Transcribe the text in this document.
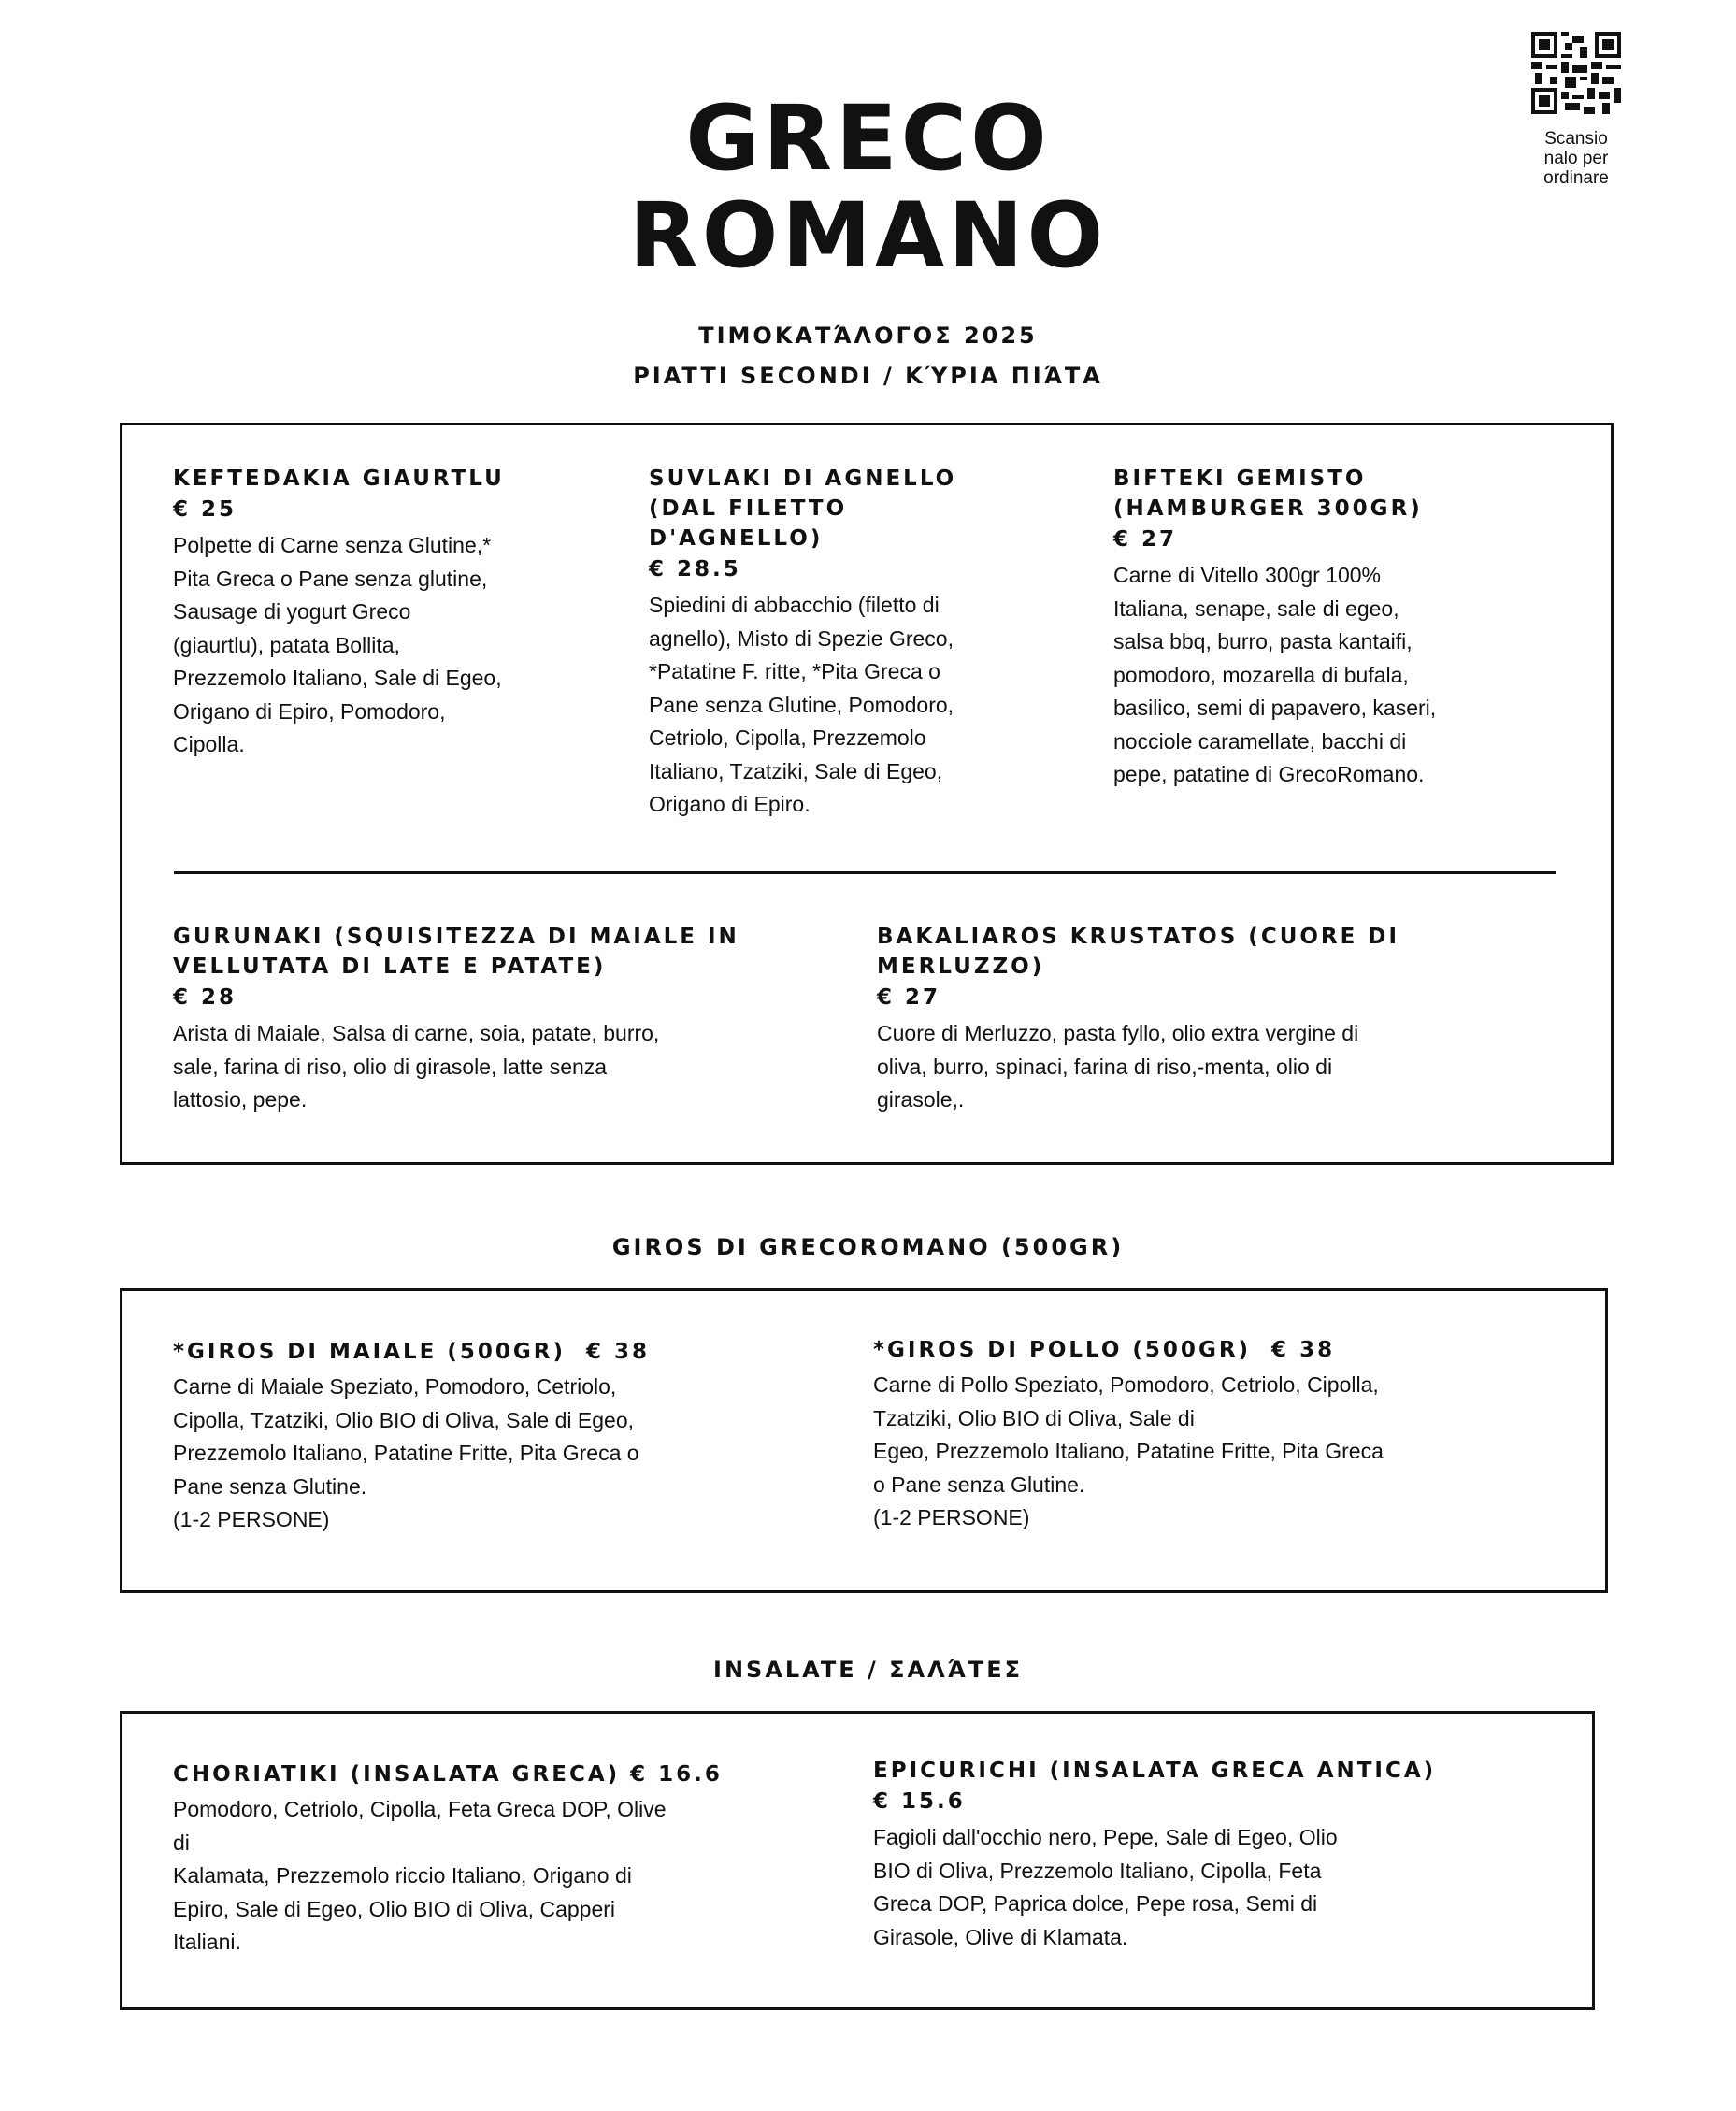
GRECO
ROMANO
Scansio
nalo per
ordinare
ΤΙΜΟΚΑΤΆΛΟΓΟΣ 2025
PIATTI SECONDI / ΚΎΡΙΑ ΠΙΆΤΑ
KEFTEDAKIA GIAURTLU
€ 25
Polpette di Carne senza Glutine,*
Pita Greca o Pane senza glutine,
Sausage di yogurt Greco
(giaurtlu), patata Bollita,
Prezzemolo Italiano, Sale di Egeo,
Origano di Epiro, Pomodoro,
Cipolla.
SUVLAKI DI AGNELLO
(DAL FILETTO
D'AGNELLO)
€ 28.5
Spiedini di abbacchio (filetto di
agnello), Misto di Spezie Greco,
*Patatine F. ritte, *Pita Greca o
Pane senza Glutine, Pomodoro,
Cetriolo, Cipolla, Prezzemolo
Italiano, Tzatziki, Sale di Egeo,
Origano di Epiro.
BIFTEKI GEMISTO
(HAMBURGER 300GR)
€ 27
Carne di Vitello 300gr 100%
Italiana, senape, sale di egeo,
salsa bbq, burro, pasta kantaifi,
pomodoro, mozarella di bufala,
basilico, semi di papavero, kaseri,
nocciole caramellate, bacchi di
pepe, patatine di GrecoRomano.
GURUNAKI (SQUISITEZZA DI MAIALE IN
VELLUTATA DI LATE E PATATE)
€ 28
Arista di Maiale, Salsa di carne, soia, patate, burro,
sale, farina di riso, olio di girasole, latte senza
lattosio, pepe.
BAKALIAROS KRUSTATOS (CUORE DI
MERLUZZO)
€ 27
Cuore di Merluzzo, pasta fyllo, olio extra vergine di
oliva, burro, spinaci, farina di riso,-menta, olio di
girasole,.
GIROS DI GRECOROMANO (500GR)
*GIROS DI MAIALE (500GR)  € 38
Carne di Maiale Speziato, Pomodoro, Cetriolo,
Cipolla, Tzatziki, Olio BIO di Oliva, Sale di Egeo,
Prezzemolo Italiano, Patatine Fritte, Pita Greca o
Pane senza Glutine.
(1-2 PERSONE)
*GIROS DI POLLO (500GR)  € 38
Carne di Pollo Speziato, Pomodoro, Cetriolo, Cipolla,
Tzatziki, Olio BIO di Oliva, Sale di
Egeo, Prezzemolo Italiano, Patatine Fritte, Pita Greca
o Pane senza Glutine.
(1-2 PERSONE)
INSALATE / ΣΑΛΆΤΕΣ
CHORIATIKI (INSALATA GRECA) € 16.6
Pomodoro, Cetriolo, Cipolla, Feta Greca DOP, Olive
di
Kalamata, Prezzemolo riccio Italiano, Origano di
Epiro, Sale di Egeo, Olio BIO di Oliva, Capperi
Italiani.
EPICURICHI (INSALATA GRECA ANTICA)
€ 15.6
Fagioli dall'occhio nero, Pepe, Sale di Egeo, Olio
BIO di Oliva, Prezzemolo Italiano, Cipolla, Feta
Greca DOP, Paprica dolce, Pepe rosa, Semi di
Girasole, Olive di Klamata.
